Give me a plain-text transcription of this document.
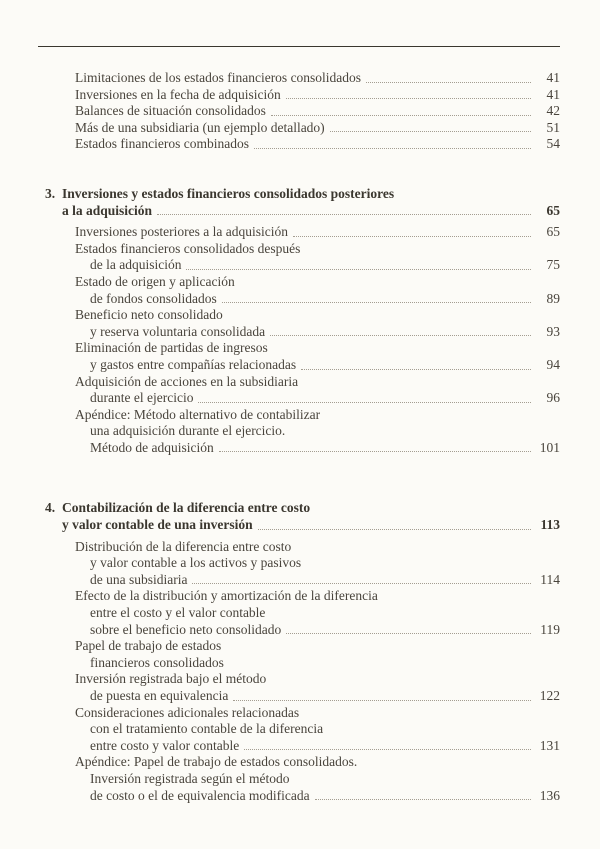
Limitaciones de los estados financieros consolidados	41
Inversiones en la fecha de adquisición	41
Balances de situación consolidados	42
Más de una subsidiaria (un ejemplo detallado)	51
Estados financieros combinados	54
3. Inversiones y estados financieros consolidados posteriores
a la adquisición	65
Inversiones posteriores a la adquisición	65
Estados financieros consolidados después
de la adquisición	75
Estado de origen y aplicación
de fondos consolidados	89
Beneficio neto consolidado
y reserva voluntaria consolidada	93
Eliminación de partidas de ingresos
y gastos entre compañías relacionadas	94
Adquisición de acciones en la subsidiaria
durante el ejercicio	96
Apéndice: Método alternativo de contabilizar
una adquisición durante el ejercicio.
Método de adquisición	101
4. Contabilización de la diferencia entre costo
y valor contable de una inversión	113
Distribución de la diferencia entre costo
y valor contable a los activos y pasivos
de una subsidiaria	114
Efecto de la distribución y amortización de la diferencia
entre el costo y el valor contable
sobre el beneficio neto consolidado	119
Papel de trabajo de estados
financieros consolidados
Inversión registrada bajo el método
de puesta en equivalencia	122
Consideraciones adicionales relacionadas
con el tratamiento contable de la diferencia
entre costo y valor contable	131
Apéndice: Papel de trabajo de estados consolidados.
Inversión registrada según el método
de costo o el de equivalencia modificada	136
